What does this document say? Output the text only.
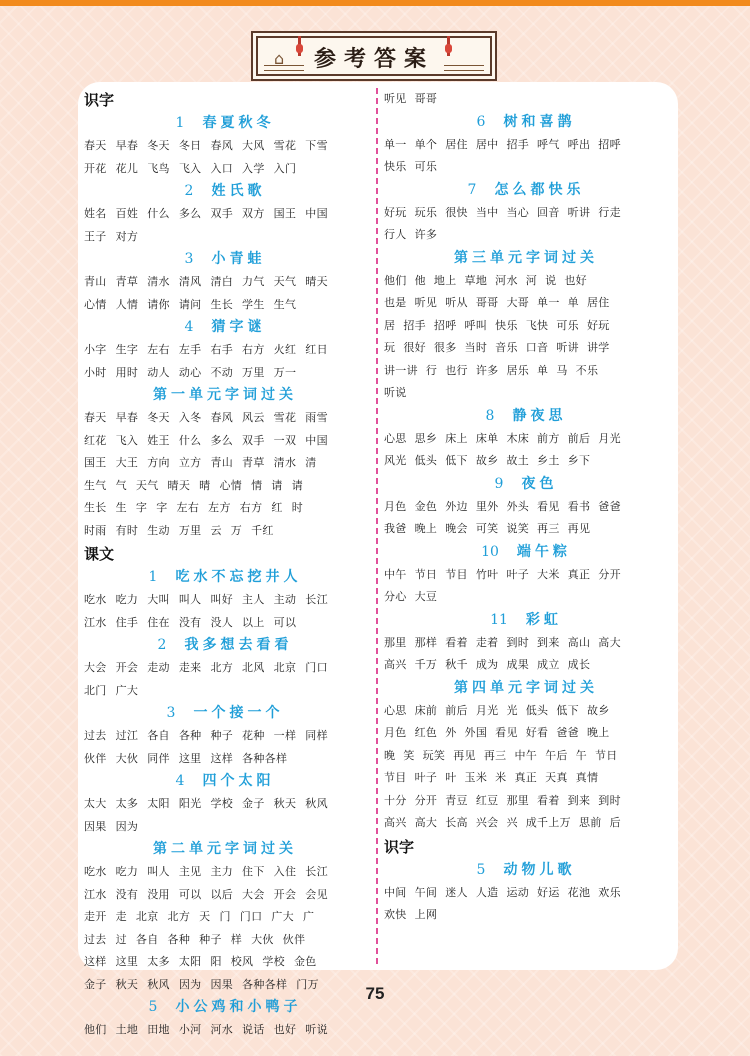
⌂	参考答案
识字
1 春夏秋冬
春天 早春 冬天 冬日 春风 大风 雪花 下雪
开花 花儿 飞鸟 飞入 入口 入学 入门
2 姓氏歌
姓名 百姓 什么 多么 双手 双方 国王 中国
王子 对方
3 小青蛙
青山 青草 清水 清风 清白 力气 天气 晴天
心情 人情 请你 请问 生长 学生 生气
4 猜字谜
小字 生字 左右 左手 右手 右方 火红 红日
小时 用时 动人 动心 不动 万里 万一
第一单元字词过关
春天 早春 冬天 入冬 春风 风云 雪花 雨雪
红花 飞入 姓王 什么 多么 双手 一双 中国
国王 大王 方向 立方 青山 青草 清水 清
生气 气 天气 晴天 晴 心情 情 请 请
生长 生 字 字 左右 左方 右方 红 时
时雨 有时 生动 万里 云 万 千红
课文
1 吃水不忘挖井人
吃水 吃力 大叫 叫人 叫好 主人 主动 长江
江水 住手 住在 没有 没人 以上 可以
2 我多想去看看
大会 开会 走动 走来 北方 北风 北京 门口
北门 广大
3 一个接一个
过去 过江 各自 各种 种子 花种 一样 同样
伙伴 大伙 同伴 这里 这样 各种各样
4 四个太阳
太大 太多 太阳 阳光 学校 金子 秋天 秋风
因果 因为
第二单元字词过关
吃水 吃力 叫人 主见 主力 住下 入住 长江
江水 没有 没用 可以 以后 大会 开会 会见
走开 走 北京 北方 天 门 门口 广大 广
过去 过 各自 各种 种子 样 大伙 伙伴
这样 这里 太多 太阳 阳 校风 学校 金色
金子 秋天 秋风 因为 因果 各种各样 门万
5 小公鸡和小鸭子
他们 土地 田地 小河 河水 说话 也好 听说
听见 哥哥
6 树和喜鹊
单一 单个 居住 居中 招手 呼气 呼出 招呼
快乐 可乐
7 怎么都快乐
好玩 玩乐 很快 当中 当心 回音 听讲 行走
行人 许多
第三单元字词过关
他们 他 地上 草地 河水 河 说 也好
也是 听见 听从 哥哥 大哥 单一 单 居住
居 招手 招呼 呼叫 快乐 飞快 可乐 好玩
玩 很好 很多 当时 音乐 口音 听讲 讲学
讲一讲 行 也行 许多 居乐 单 马 不乐
听说
8 静夜思
心思 思乡 床上 床单 木床 前方 前后 月光
风光 低头 低下 故乡 故土 乡土 乡下
9 夜色
月色 金色 外边 里外 外头 看见 看书 爸爸
我爸 晚上 晚会 可笑 说笑 再三 再见
10 端午粽
中午 节日 节目 竹叶 叶子 大米 真正 分开
分心 大豆
11 彩虹
那里 那样 看着 走着 到时 到来 高山 高大
高兴 千万 秋千 成为 成果 成立 成长
第四单元字词过关
心思 床前 前后 月光 光 低头 低下 故乡
月色 红色 外 外国 看见 好看 爸爸 晚上
晚 笑 玩笑 再见 再三 中午 午后 午 节日
节目 叶子 叶 玉米 米 真正 天真 真情
十分 分开 青豆 红豆 那里 看着 到来 到时
高兴 高大 长高 兴会 兴 成千上万 思前 后
识字
5 动物儿歌
中间 午间 迷人 人造 运动 好运 花池 欢乐
欢快 上网
75
